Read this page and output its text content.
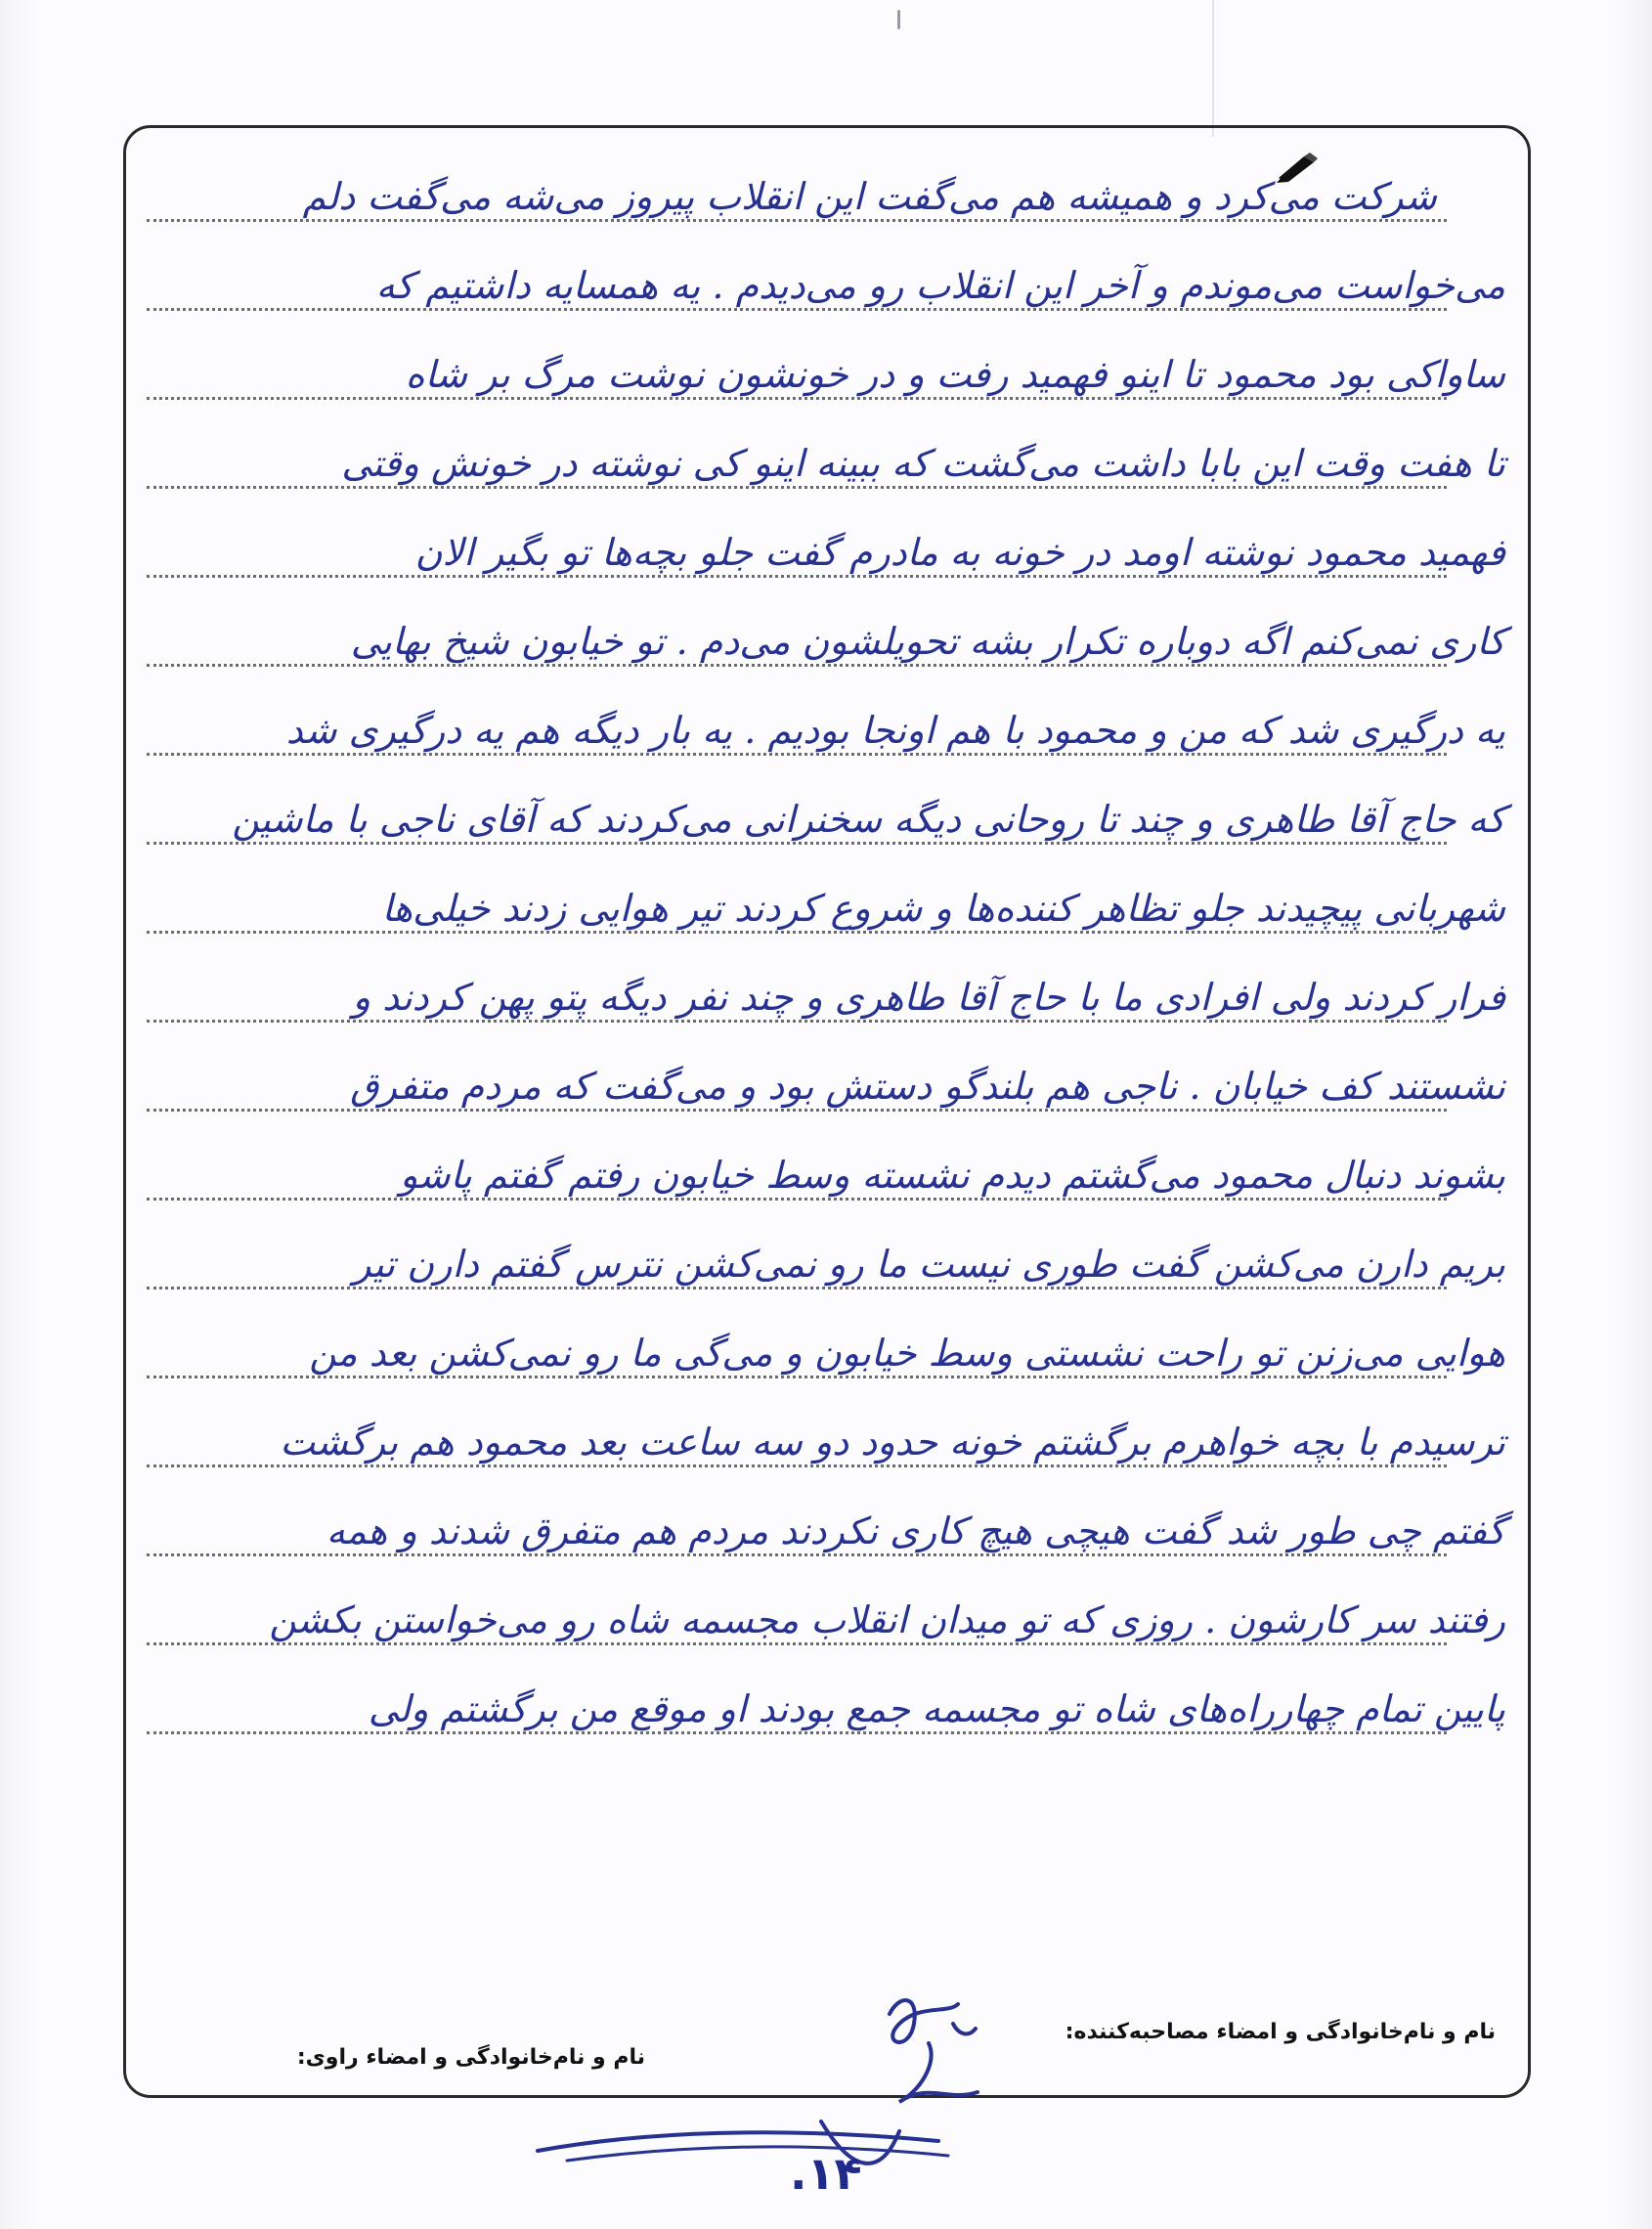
شرکت می‌کرد و همیشه هم می‌گفت این انقلاب پیروز می‌شه می‌گفت دلم
می‌خواست می‌موندم و آخر این انقلاب رو می‌دیدم . یه همسایه داشتیم که
ساواکی بود محمود تا اینو فهمید رفت و در خونشون نوشت مرگ بر شاه
تا هفت وقت این بابا داشت می‌گشت که ببینه اینو کی نوشته در خونش وقتی
فهمید محمود نوشته اومد در خونه به مادرم گفت جلو بچه‌ها تو بگیر الان
کاری نمی‌کنم اگه دوباره تکرار بشه تحویلشون می‌دم . تو خیابون شیخ بهایی
یه درگیری شد که من و محمود با هم اونجا بودیم . یه بار دیگه هم یه درگیری شد
که حاج آقا طاهری و چند تا روحانی دیگه سخنرانی می‌کردند که آقای ناجی با ماشین
شهربانی پیچیدند جلو تظاهر کننده‌ها و شروع کردند تیر هوایی زدند خیلی‌ها
فرار کردند ولی افرادی ما با حاج آقا طاهری و چند نفر دیگه پتو پهن کردند و
نشستند کف خیابان . ناجی هم بلندگو دستش بود و می‌گفت که مردم متفرق
بشوند دنبال محمود می‌گشتم دیدم نشسته وسط خیابون رفتم گفتم پاشو
بریم دارن می‌کشن گفت طوری نیست ما رو نمی‌کشن نترس گفتم دارن تیر
هوایی می‌زنن تو راحت نشستی وسط خیابون و می‌گی ما رو نمی‌کشن بعد من
ترسیدم با بچه خواهرم برگشتم خونه حدود دو سه ساعت بعد محمود هم برگشت
گفتم چی طور شد گفت هیچی هیچ کاری نکردند مردم هم متفرق شدند و همه
رفتند سر کارشون . روزی که تو میدان انقلاب مجسمه شاه رو می‌خواستن بکشن
پایین تمام چهارراه‌های شاه تو مجسمه جمع بودند او موقع من برگشتم ولی
نام و نام‌خانوادگی و امضاء مصاحبه‌کننده:
نام و نام‌خانوادگی و امضاء راوی:
۱۴.
